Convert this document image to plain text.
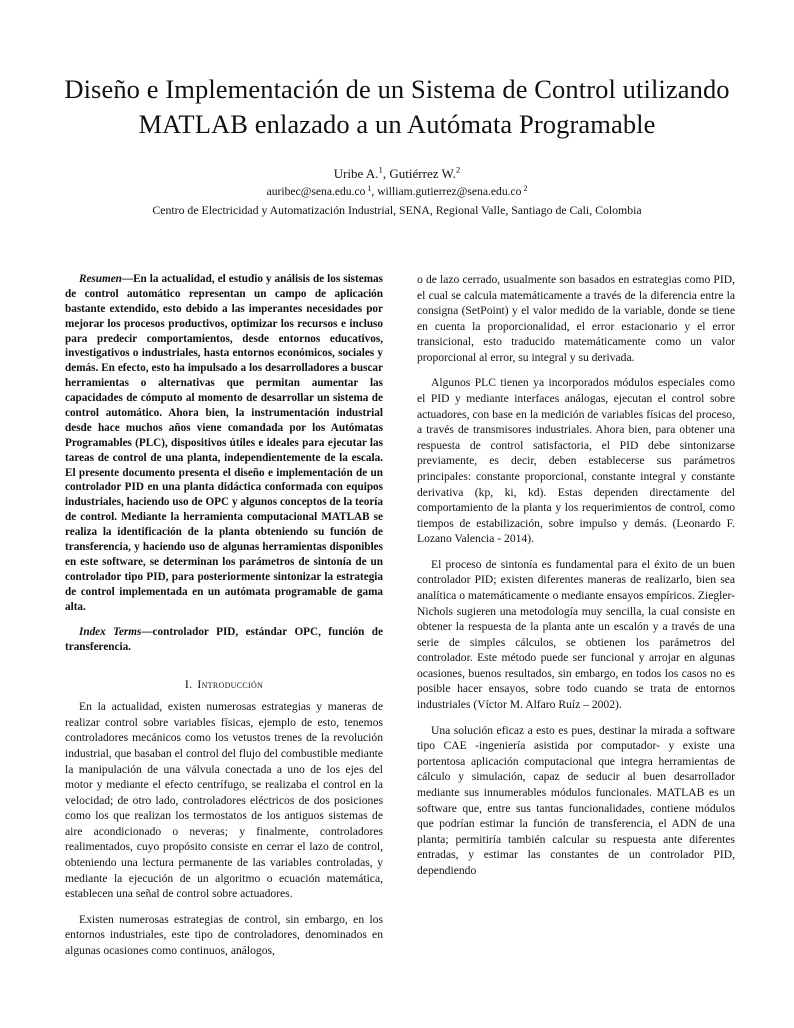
Diseño e Implementación de un Sistema de Control utilizando MATLAB enlazado a un Autómata Programable
Uribe A.$^1$, Gutiérrez W.$^2$
auribec@sena.edu.co $^1$, william.gutierrez@sena.edu.co $^2$
Centro de Electricidad y Automatización Industrial, SENA, Regional Valle, Santiago de Cali, Colombia
Resumen—En la actualidad, el estudio y análisis de los sistemas de control automático representan un campo de aplicación bastante extendido, esto debido a las imperantes necesidades por mejorar los procesos productivos, optimizar los recursos e incluso para predecir comportamientos, desde entornos educativos, investigativos o industriales, hasta entornos económicos, sociales y demás. En efecto, esto ha impulsado a los desarrolladores a buscar herramientas o alternativas que permitan aumentar las capacidades de cómputo al momento de desarrollar un sistema de control automático. Ahora bien, la instrumentación industrial desde hace muchos años viene comandada por los Autómatas Programables (PLC), dispositivos útiles e ideales para ejecutar las tareas de control de una planta, independientemente de la escala. El presente documento presenta el diseño e implementación de un controlador PID en una planta didáctica conformada con equipos industriales, haciendo uso de OPC y algunos conceptos de la teoría de control. Mediante la herramienta computacional MATLAB se realiza la identificación de la planta obteniendo su función de transferencia, y haciendo uso de algunas herramientas disponibles en este software, se determinan los parámetros de sintonía de un controlador tipo PID, para posteriormente sintonizar la estrategia de control implementada en un autómata programable de gama alta.
Index Terms—controlador PID, estándar OPC, función de transferencia.
I. Introducción

En la actualidad, existen numerosas estrategias y maneras de realizar control sobre variables físicas, ejemplo de esto, tenemos controladores mecánicos como los vetustos trenes de la revolución industrial, que basaban el control del flujo del combustible mediante la manipulación de una válvula conectada a uno de los ejes del motor y mediante el efecto centrífugo, se realizaba el control en la velocidad; de otro lado, controladores eléctricos de dos posiciones como los que realizan los termostatos de los antiguos sistemas de aire acondicionado o neveras; y finalmente, controladores realimentados, cuyo propósito consiste en cerrar el lazo de control, obteniendo una lectura permanente de las variables controladas, y mediante la ejecución de un algoritmo o ecuación matemática, establecen una señal de control sobre actuadores.

Existen numerosas estrategias de control, sin embargo, en los entornos industriales, este tipo de controladores, denominados en algunas ocasiones como continuos, análogos,

o de lazo cerrado, usualmente son basados en estrategias como PID, el cual se calcula matemáticamente a través de la diferencia entre la consigna (SetPoint) y el valor medido de la variable, donde se tiene en cuenta la proporcionalidad, el error estacionario y el error transicional, esto traducido matemáticamente como un valor proporcional al error, su integral y su derivada.

Algunos PLC tienen ya incorporados módulos especiales como el PID y mediante interfaces análogas, ejecutan el control sobre actuadores, con base en la medición de variables físicas del proceso, a través de transmisores industriales. Ahora bien, para obtener una respuesta de control satisfactoria, el PID debe sintonizarse previamente, es decir, deben establecerse sus parámetros principales: constante proporcional, constante integral y constante derivativa (kp, ki, kd). Estas dependen directamente del comportamiento de la planta y los requerimientos de control, como tiempos de estabilización, sobre impulso y demás. (Leonardo F. Lozano Valencia - 2014).

El proceso de sintonía es fundamental para el éxito de un buen controlador PID; existen diferentes maneras de realizarlo, bien sea analítica o matemáticamente o mediante ensayos empíricos. Ziegler-Nichols sugieren una metodología muy sencilla, la cual consiste en obtener la respuesta de la planta ante un escalón y a través de una serie de simples cálculos, se obtienen los parámetros del controlador. Este método puede ser funcional y arrojar en algunas ocasiones, buenos resultados, sin embargo, en todos los casos no es posible hacer ensayos, sobre todo cuando se trata de entornos industriales (Víctor M. Alfaro Ruíz – 2002).

Una solución eficaz a esto es pues, destinar la mirada a software tipo CAE -ingeniería asistida por computador- y existe una portentosa aplicación computacional que integra herramientas de cálculo y simulación, capaz de seducir al buen desarrollador mediante sus innumerables módulos funcionales. MATLAB es un software que, entre sus tantas funcionalidades, contiene módulos que podrían estimar la función de transferencia, el ADN de una planta; permitiría también calcular su respuesta ante diferentes entradas, y estimar las constantes de un controlador PID, dependiendo
